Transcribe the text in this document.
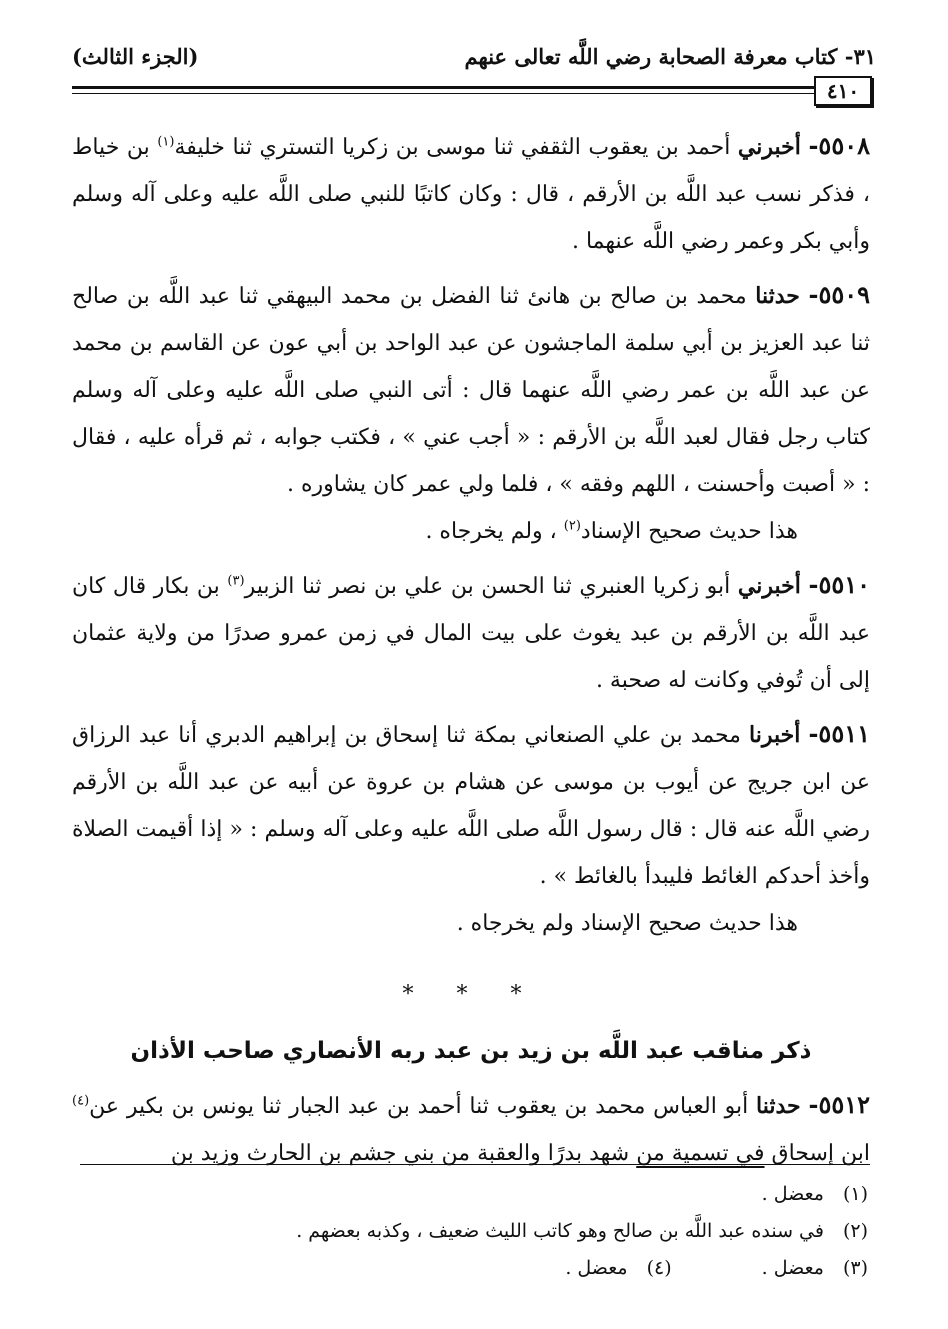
٣١- كتاب معرفة الصحابة رضي اللَّه تعالى عنهم
(الجزء الثالث)
٤١٠

٥٥٠٨- أخبرني أحمد بن يعقوب الثقفي ثنا موسى بن زكريا التستري ثنا خليفة$^{(١)}$ بن خياط ، فذكر نسب عبد اللَّه بن الأرقم ، قال : وكان كاتبًا للنبي صلى اللَّه عليه وعلى آله وسلم وأبي بكر وعمر رضي اللَّه عنهما .

٥٥٠٩- حدثنا محمد بن صالح بن هانئ ثنا الفضل بن محمد البيهقي ثنا عبد اللَّه بن صالح ثنا عبد العزيز بن أبي سلمة الماجشون عن عبد الواحد بن أبي عون عن القاسم بن محمد عن عبد اللَّه بن عمر رضي اللَّه عنهما قال : أتى النبي صلى اللَّه عليه وعلى آله وسلم كتاب رجل فقال لعبد اللَّه بن الأرقم : « أجب عني » ، فكتب جوابه ، ثم قرأه عليه ، فقال : « أصبت وأحسنت ، اللهم وفقه » ، فلما ولي عمر كان يشاوره .

هذا حديث صحيح الإسناد$^{(٢)}$ ، ولم يخرجاه .

٥٥١٠- أخبرني أبو زكريا العنبري ثنا الحسن بن علي بن نصر ثنا الزبير$^{(٣)}$ بن بكار قال كان عبد اللَّه بن الأرقم بن عبد يغوث على بيت المال في زمن عمرو صدرًا من ولاية عثمان إلى أن تُوفي وكانت له صحبة .

٥٥١١- أخبرنا محمد بن علي الصنعاني بمكة ثنا إسحاق بن إبراهيم الدبري أنا عبد الرزاق عن ابن جريج عن أيوب بن موسى عن هشام بن عروة عن أبيه عن عبد اللَّه بن الأرقم رضي اللَّه عنه قال : قال رسول اللَّه صلى اللَّه عليه وعلى آله وسلم : « إذا أقيمت الصلاة وأخذ أحدكم الغائط فليبدأ بالغائط » .

هذا حديث صحيح الإسناد ولم يخرجاه .

* * *
ذكر مناقب عبد اللَّه بن زيد بن عبد ربه الأنصاري صاحب الأذان

٥٥١٢- حدثنا أبو العباس محمد بن يعقوب ثنا أحمد بن عبد الجبار ثنا يونس بن بكير عن$^{(٤)}$ ابن إسحاق في تسمية من شهد بدرًا والعقبة من بني جشم بن الحارث وزيد بن

(١) معضل .
(٢) في سنده عبد اللَّه بن صالح وهو كاتب الليث ضعيف ، وكذبه بعضهم .
(٣) معضل .
(٤) معضل .
